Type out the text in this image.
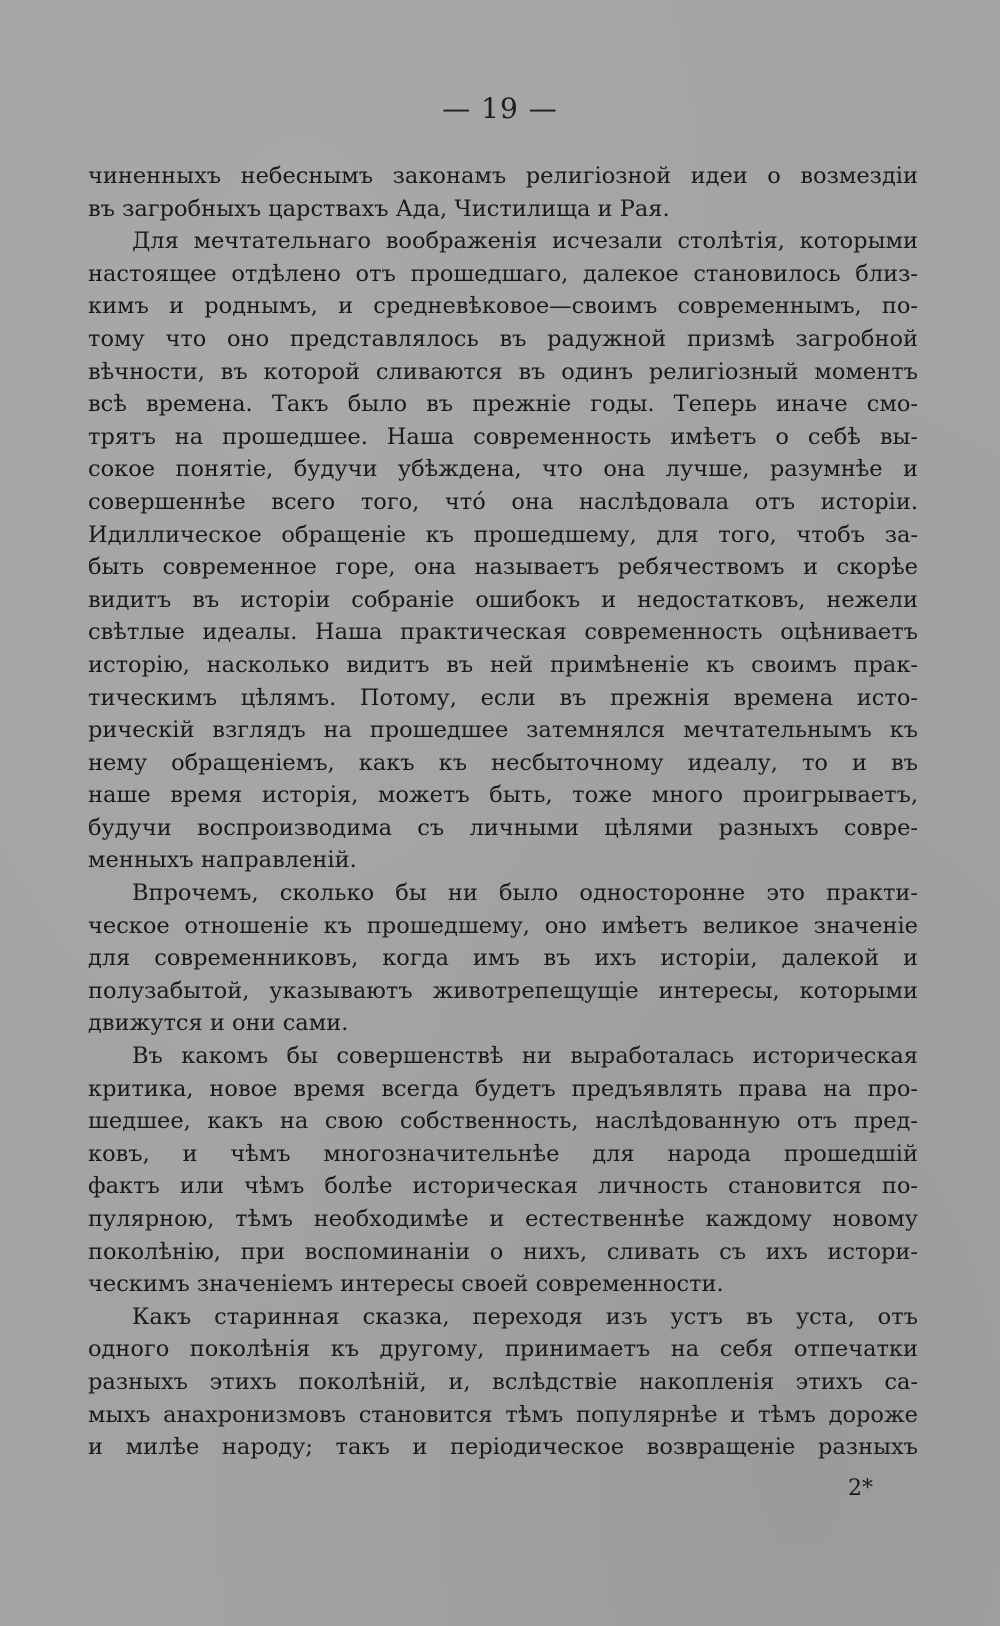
— 19 —
чиненныхъ небеснымъ законамъ религіозной идеи о возмездіи
въ загробныхъ царствахъ Ада, Чистилища и Рая.
Для мечтательнаго воображенія исчезали столѣтія, которыми
настоящее отдѣлено отъ прошедшаго, далекое становилось близ-
кимъ и роднымъ, и средневѣковое—своимъ современнымъ, по-
тому что оно представлялось въ радужной призмѣ загробной
вѣчности, въ которой сливаются въ одинъ религіозный моментъ
всѣ времена. Такъ было въ прежніе годы. Теперь иначе смо-
трятъ на прошедшее. Наша современность имѣетъ о себѣ вы-
сокое понятіе, будучи убѣждена, что она лучше, разумнѣе и
совершеннѣе всего того, чтó она наслѣдовала отъ исторіи.
Идиллическое обращеніе къ прошедшему, для того, чтобъ за-
быть современное горе, она называетъ ребячествомъ и скорѣе
видитъ въ исторіи собраніе ошибокъ и недостатковъ, нежели
свѣтлые идеалы. Наша практическая современность оцѣниваетъ
исторію, насколько видитъ въ ней примѣненіе къ своимъ прак-
тическимъ цѣлямъ. Потому, если въ прежнія времена исто-
рическій взглядъ на прошедшее затемнялся мечтательнымъ къ
нему обращеніемъ, какъ къ несбыточному идеалу, то и въ
наше время исторія, можетъ быть, тоже много проигрываетъ,
будучи воспроизводима съ личными цѣлями разныхъ совре-
менныхъ направленій.
Впрочемъ, сколько бы ни было одностороннe это практи-
ческое отношеніе къ прошедшему, оно имѣетъ великое значеніе
для современниковъ, когда имъ въ ихъ исторіи, далекой и
полузабытой, указываютъ животрепещущіе интересы, которыми
движутся и они сами.
Въ какомъ бы совершенствѣ ни выработалась историческая
критика, новое время всегда будетъ предъявлять права на про-
шедшее, какъ на свою собственность, наслѣдованную отъ пред-
ковъ, и чѣмъ многозначительнѣе для народа прошедшій
фактъ или чѣмъ болѣе историческая личность становится по-
пулярною, тѣмъ необходимѣе и естественнѣе каждому новому
поколѣнію, при воспоминаніи о нихъ, сливать съ ихъ истори-
ческимъ значеніемъ интересы своей современности.
Какъ старинная сказка, переходя изъ устъ въ уста, отъ
одного поколѣнія къ другому, принимаетъ на себя отпечатки
разныхъ этихъ поколѣній, и, вслѣдствіе накопленія этихъ са-
мыхъ анахронизмовъ становится тѣмъ популярнѣе и тѣмъ дороже
и милѣе народу; такъ и періодическое возвращеніе разныхъ
2*
